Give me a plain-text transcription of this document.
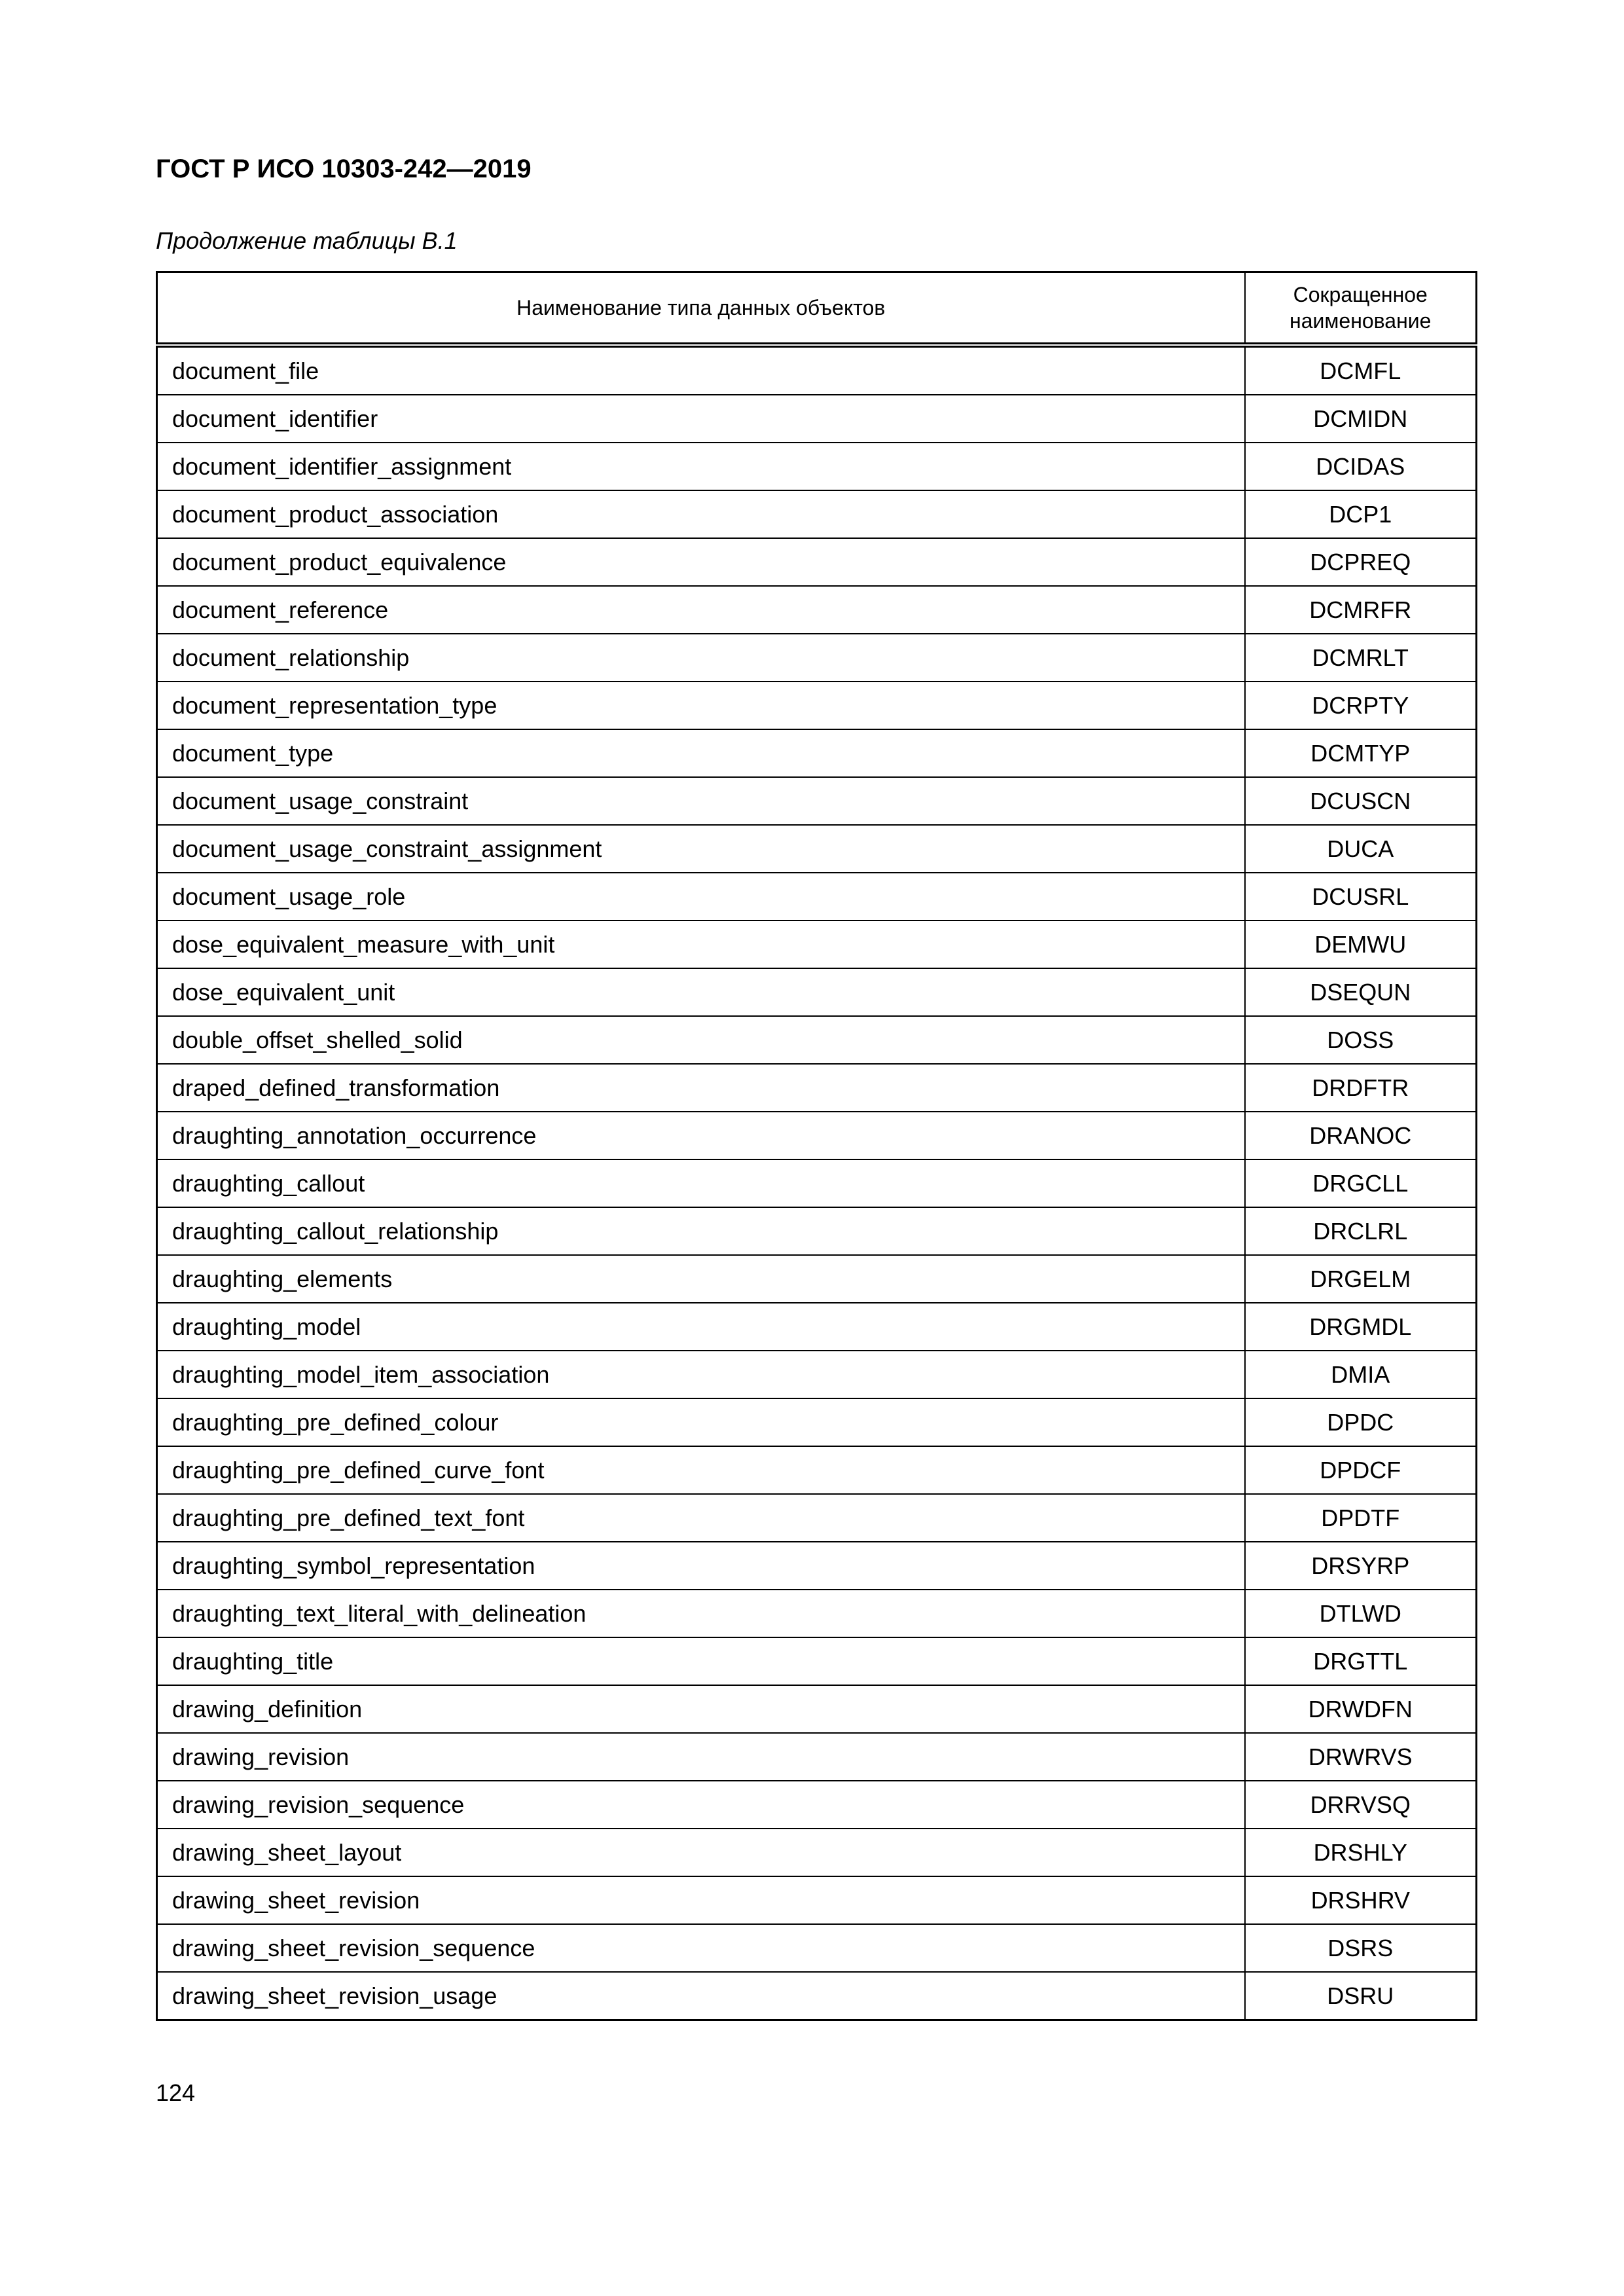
ГОСТ Р ИСО 10303-242—2019
Продолжение таблицы B.1
Наименование типа данных объектов	Сокращенное наименование
document_file	DCMFL
document_identifier	DCMIDN
document_identifier_assignment	DCIDAS
document_product_association	DCP1
document_product_equivalence	DCPREQ
document_reference	DCMRFR
document_relationship	DCMRLT
document_representation_type	DCRPTY
document_type	DCMTYP
document_usage_constraint	DCUSCN
document_usage_constraint_assignment	DUCA
document_usage_role	DCUSRL
dose_equivalent_measure_with_unit	DEMWU
dose_equivalent_unit	DSEQUN
double_offset_shelled_solid	DOSS
draped_defined_transformation	DRDFTR
draughting_annotation_occurrence	DRANOC
draughting_callout	DRGCLL
draughting_callout_relationship	DRCLRL
draughting_elements	DRGELM
draughting_model	DRGMDL
draughting_model_item_association	DMIA
draughting_pre_defined_colour	DPDC
draughting_pre_defined_curve_font	DPDCF
draughting_pre_defined_text_font	DPDTF
draughting_symbol_representation	DRSYRP
draughting_text_literal_with_delineation	DTLWD
draughting_title	DRGTTL
drawing_definition	DRWDFN
drawing_revision	DRWRVS
drawing_revision_sequence	DRRVSQ
drawing_sheet_layout	DRSHLY
drawing_sheet_revision	DRSHRV
drawing_sheet_revision_sequence	DSRS
drawing_sheet_revision_usage	DSRU
124
